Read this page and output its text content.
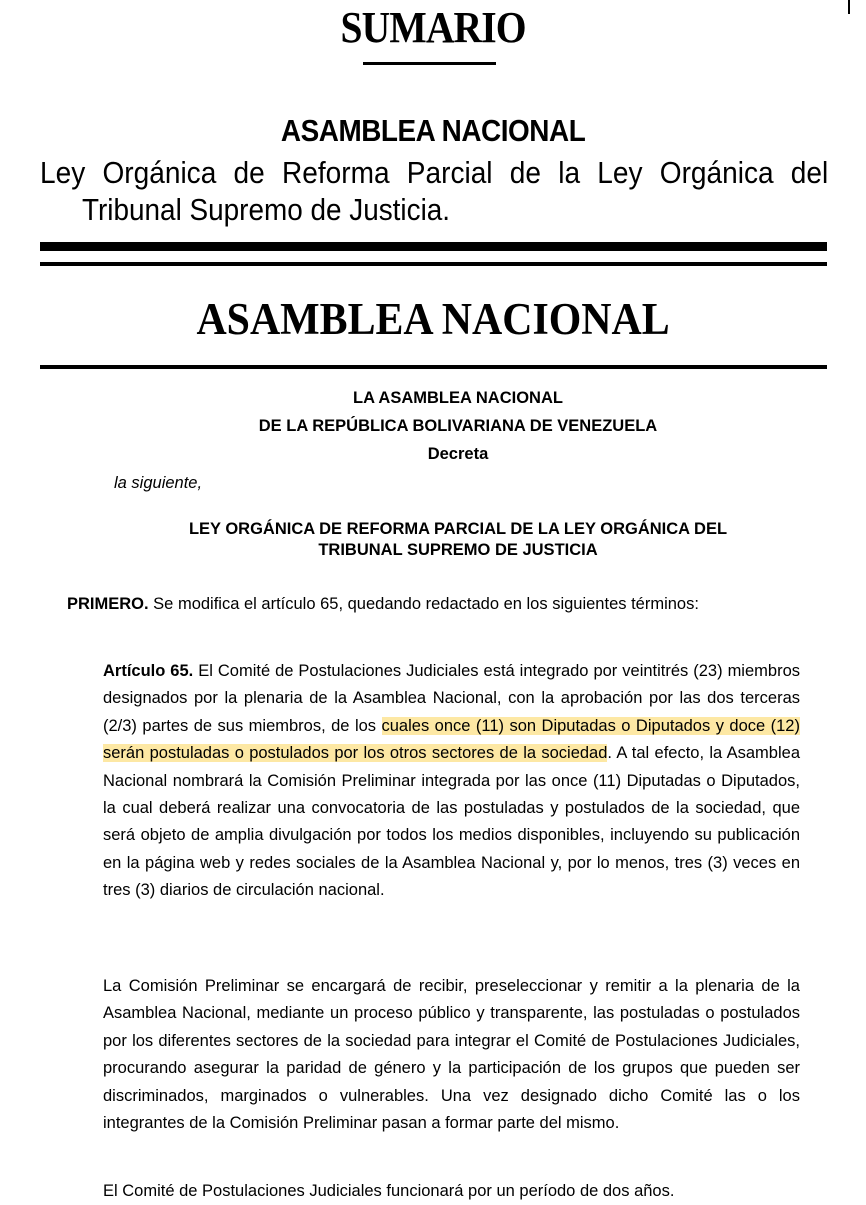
SUMARIO
ASAMBLEA NACIONAL
Ley Orgánica de Reforma Parcial de la Ley Orgánica del
Tribunal Supremo de Justicia.
ASAMBLEA NACIONAL
LA ASAMBLEA NACIONAL
DE LA REPÚBLICA BOLIVARIANA DE VENEZUELA
Decreta
la siguiente,
LEY ORGÁNICA DE REFORMA PARCIAL DE LA LEY ORGÁNICA DEL
TRIBUNAL SUPREMO DE JUSTICIA
PRIMERO. Se modifica el artículo 65, quedando redactado en los siguientes términos:
Artículo 65. El Comité de Postulaciones Judiciales está integrado por veintitrés (23) miembros designados por la plenaria de la Asamblea Nacional, con la aprobación por las dos terceras (2/3) partes de sus miembros, de los cuales once (11) son Diputadas o Diputados y doce (12) serán postuladas o postulados por los otros sectores de la sociedad. A tal efecto, la Asamblea Nacional nombrará la Comisión Preliminar integrada por las once (11) Diputadas o Diputados, la cual deberá realizar una convocatoria de las postuladas y postulados de la sociedad, que será objeto de amplia divulgación por todos los medios disponibles, incluyendo su publicación en la página web y redes sociales de la Asamblea Nacional y, por lo menos, tres (3) veces en tres (3) diarios de circulación nacional.
La Comisión Preliminar se encargará de recibir, preseleccionar y remitir a la plenaria de la Asamblea Nacional, mediante un proceso público y transparente, las postuladas o postulados por los diferentes sectores de la sociedad para integrar el Comité de Postulaciones Judiciales, procurando asegurar la paridad de género y la participación de los grupos que pueden ser discriminados, marginados o vulnerables. Una vez designado dicho Comité las o los integrantes de la Comisión Preliminar pasan a formar parte del mismo.
El Comité de Postulaciones Judiciales funcionará por un período de dos años.
